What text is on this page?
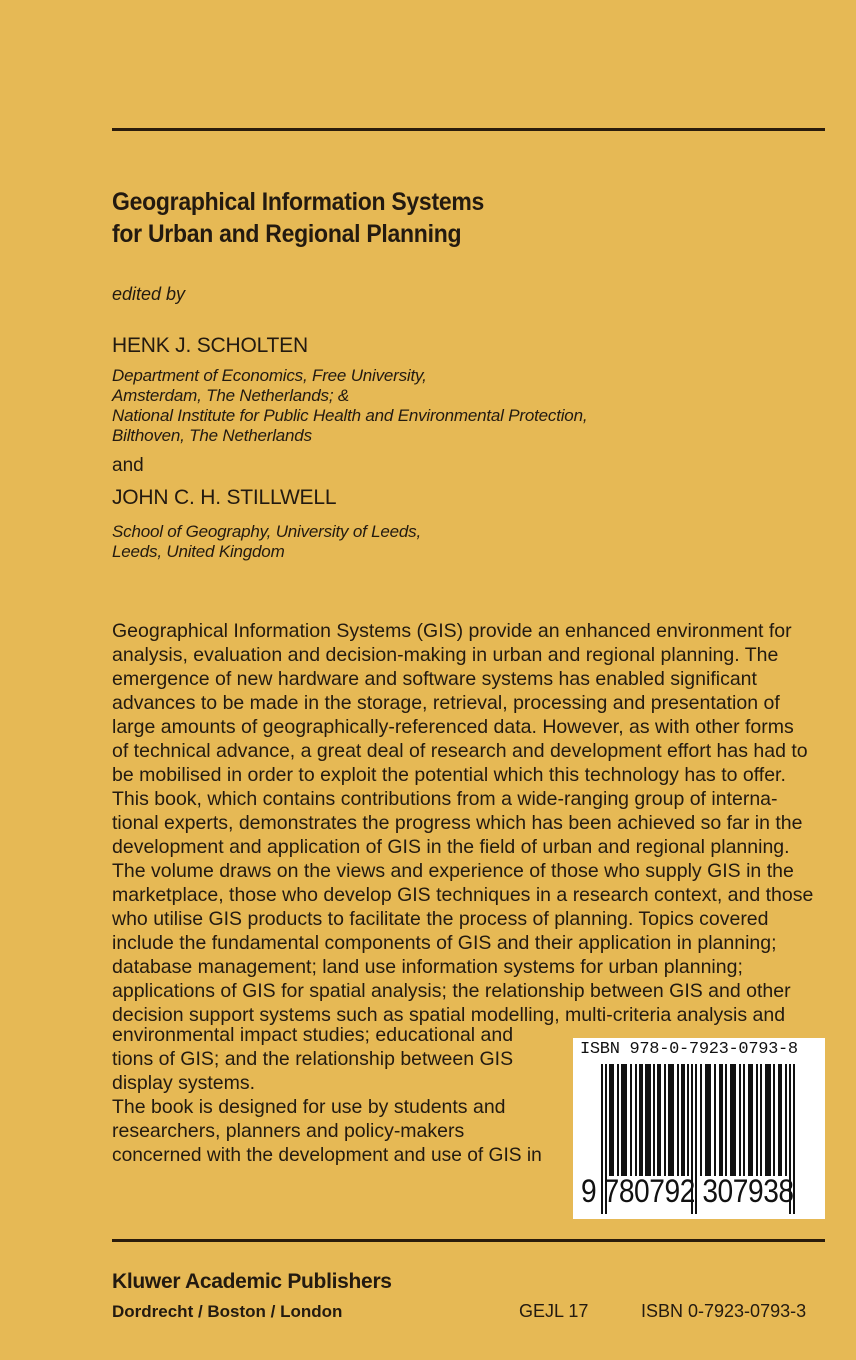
Geographical Information Systems
for Urban and Regional Planning
edited by
HENK J. SCHOLTEN
Department of Economics, Free University,
Amsterdam, The Netherlands; &
National Institute for Public Health and Environmental Protection,
Bilthoven, The Netherlands
and
JOHN C. H. STILLWELL
School of Geography, University of Leeds,
Leeds, United Kingdom
Geographical Information Systems (GIS) provide an enhanced environment for
analysis, evaluation and decision-making in urban and regional planning. The
emergence of new hardware and software systems has enabled significant
advances to be made in the storage, retrieval, processing and presentation of
large amounts of geographically-referenced data. However, as with other forms
of technical advance, a great deal of research and development effort has had to
be mobilised in order to exploit the potential which this technology has to offer.
This book, which contains contributions from a wide-ranging group of interna-
tional experts, demonstrates the progress which has been achieved so far in the
development and application of GIS in the field of urban and regional planning.
The volume draws on the views and experience of those who supply GIS in the
marketplace, those who develop GIS techniques in a research context, and those
who utilise GIS products to facilitate the process of planning. Topics covered
include the fundamental components of GIS and their application in planning;
database management; land use information systems for urban planning;
applications of GIS for spatial analysis; the relationship between GIS and other
decision support systems such as spatial modelling, multi-criteria analysis and
environmental impact studies; educational and
tions of GIS; and the relationship between GIS
display systems.
The book is designed for use by students and
researchers, planners and policy-makers
concerned with the development and use of GIS in
ISBN 978-0-7923-0793-8
9 780792 307938
Kluwer Academic Publishers
Dordrecht / Boston / London	GEJL 17	ISBN 0-7923-0793-3
